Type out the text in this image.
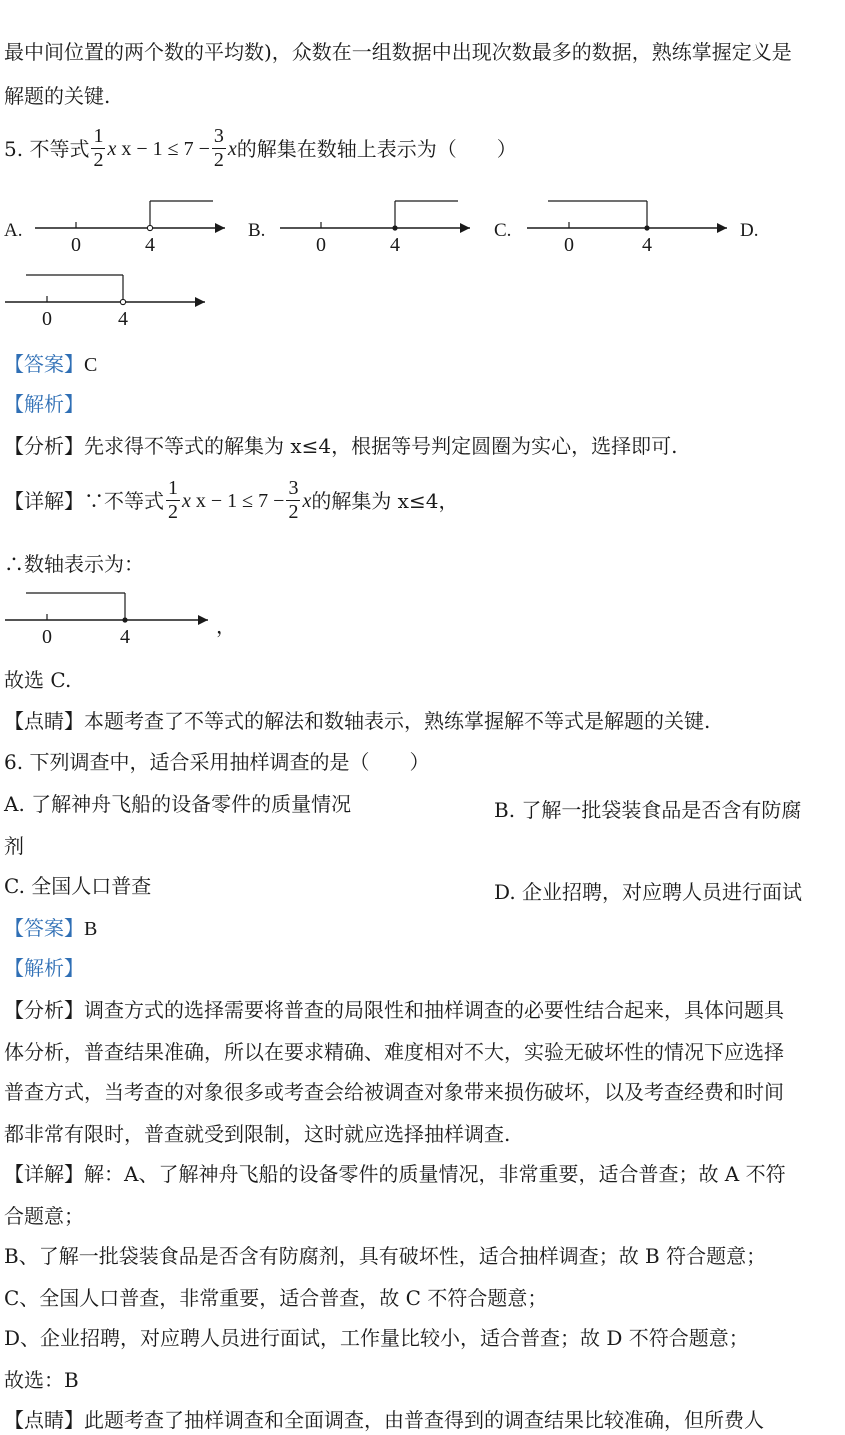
最中间位置的两个数的平均数)，众数在一组数据中出现次数最多的数据，熟练掌握定义是
解题的关键.
5. 不等式 $\frac{1}{2}$ x $x - 1 \le 7 - \frac{3}{2}$ x 的解集在数轴上表示为（　　）
A.
0	4
B.
0	4
C.
0	4
D.
0	4
【答案】C
【解析】
【分析】先求得不等式的解集为 x≤4，根据等号判定圆圈为实心，选择即可.
【详解】∵不等式 $\frac{1}{2}$ x $x - 1 \le 7 - \frac{3}{2}$ x 的解集为 x≤4，
∴数轴表示为：
0	4	，
故选 C.
【点睛】本题考查了不等式的解法和数轴表示，熟练掌握解不等式是解题的关键.
6. 下列调查中，适合采用抽样调查的是（　　）
A. 了解神舟飞船的设备零件的质量情况	B. 了解一批袋装食品是否含有防腐
剂
C. 全国人口普查	D. 企业招聘，对应聘人员进行面试
【答案】B
【解析】
【分析】调查方式的选择需要将普查的局限性和抽样调查的必要性结合起来，具体问题具
体分析，普查结果准确，所以在要求精确、难度相对不大，实验无破坏性的情况下应选择
普查方式，当考查的对象很多或考查会给被调查对象带来损伤破坏，以及考查经费和时间
都非常有限时，普查就受到限制，这时就应选择抽样调查.
【详解】解：A、了解神舟飞船的设备零件的质量情况，非常重要，适合普查；故 A 不符
合题意；
B、了解一批袋装食品是否含有防腐剂，具有破坏性，适合抽样调查；故 B 符合题意；
C、全国人口普查，非常重要，适合普查，故 C 不符合题意；
D、企业招聘，对应聘人员进行面试，工作量比较小，适合普查；故 D 不符合题意；
故选：B
【点睛】此题考查了抽样调查和全面调查，由普查得到的调查结果比较准确，但所费人
